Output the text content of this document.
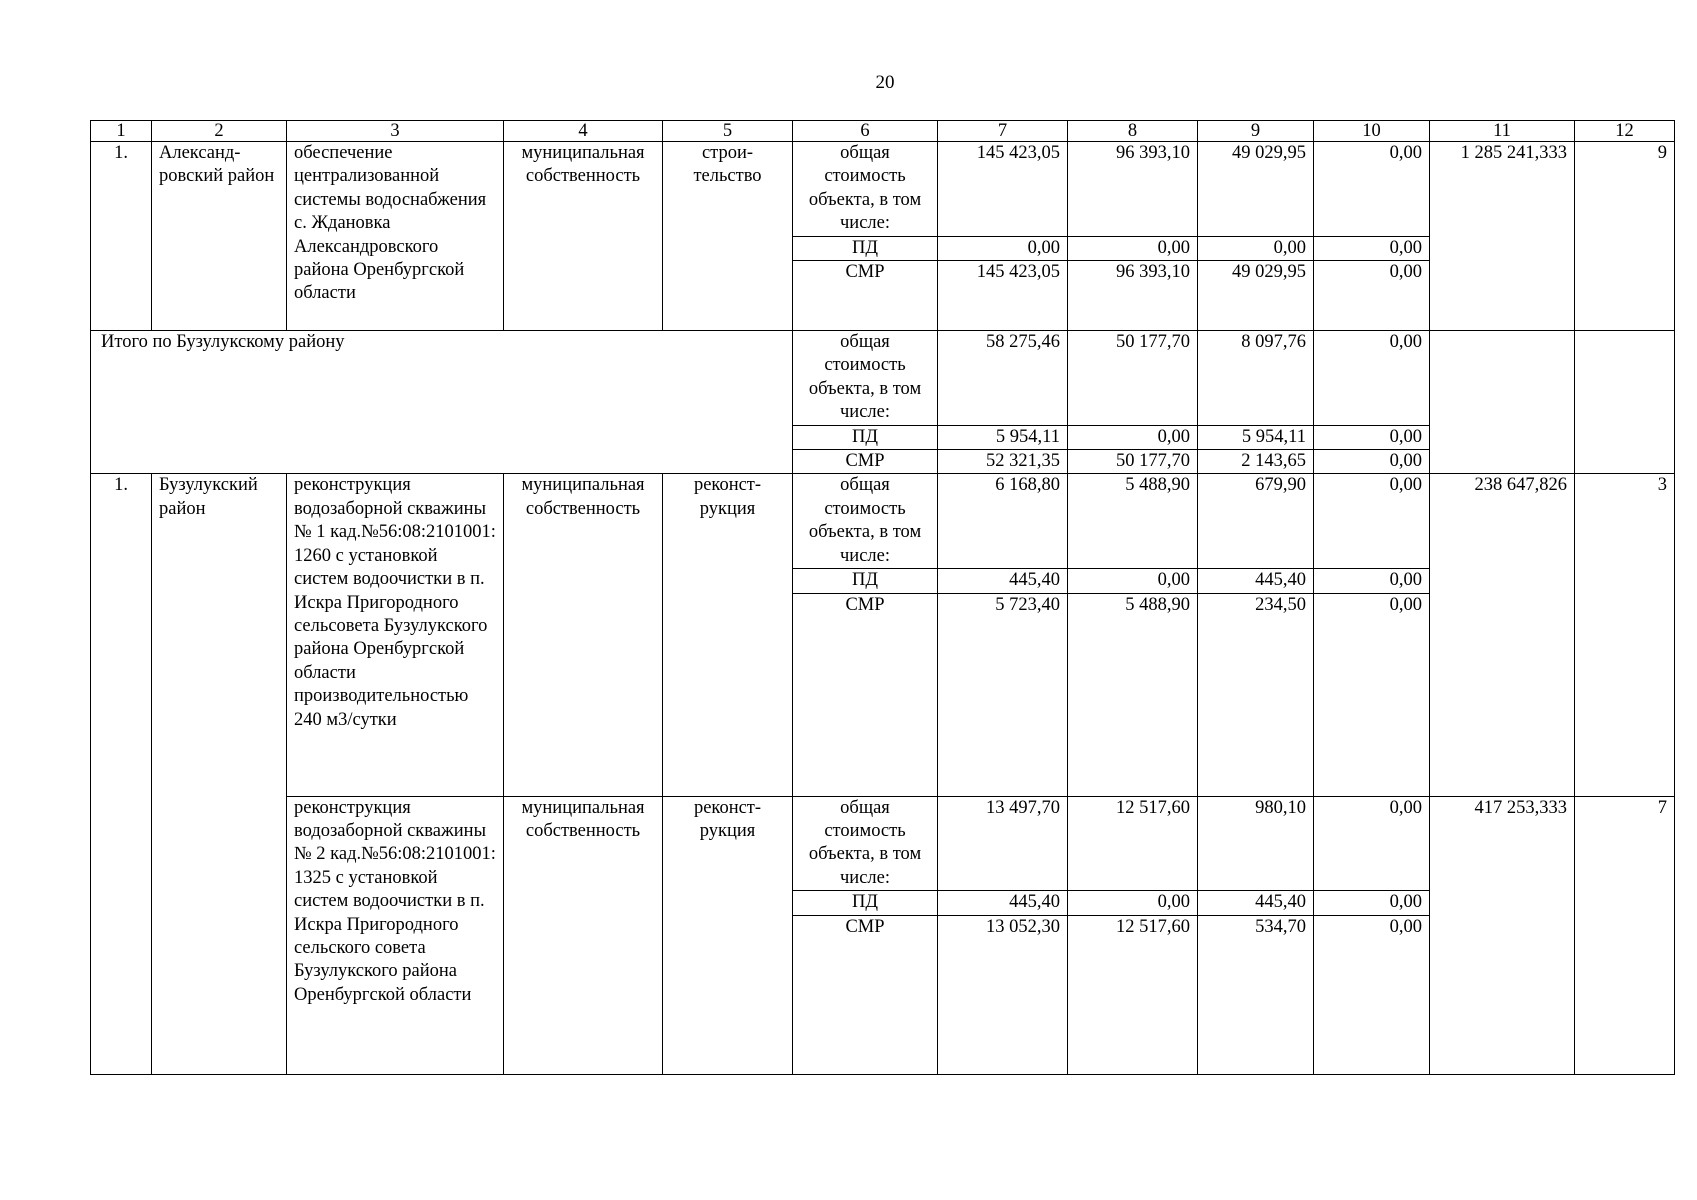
20
1	2	3	4	5	6	7	8	9	10	11	12
1.	Александ-ровский район	обеспечение централизованной системы водоснабжения с. Ждановка Александровского района Оренбургской области	муниципальная собственность	строи-тельство	общая стоимость объекта, в том числе:	145 423,05	96 393,10	49 029,95	0,00	1 285 241,333	9
					ПД	0,00	0,00	0,00	0,00		
					СМР	145 423,05	96 393,10	49 029,95	0,00		
Итого по Бузулукскому району					общая стоимость объекта, в том числе:	58 275,46	50 177,70	8 097,76	0,00		
					ПД	5 954,11	0,00	5 954,11	0,00		
					СМР	52 321,35	50 177,70	2 143,65	0,00		
1.	Бузулукский район	реконструкция водозаборной скважины № 1 кад.№56:08:2101001: 1260 с установкой систем водоочистки в п. Искра Пригородного сельсовета Бузулукского района Оренбургской области производительностью 240 м3/сутки	муниципальная собственность	реконст-рукция	общая стоимость объекта, в том числе:	6 168,80	5 488,90	679,90	0,00	238 647,826	3
					ПД	445,40	0,00	445,40	0,00		
					СМР	5 723,40	5 488,90	234,50	0,00		
		реконструкция водозаборной скважины № 2 кад.№56:08:2101001: 1325 с установкой систем водоочистки в п. Искра Пригородного сельского совета Бузулукского района Оренбургской области	муниципальная собственность	реконст-рукция	общая стоимость объекта, в том числе:	13 497,70	12 517,60	980,10	0,00	417 253,333	7
					ПД	445,40	0,00	445,40	0,00		
					СМР	13 052,30	12 517,60	534,70	0,00		
